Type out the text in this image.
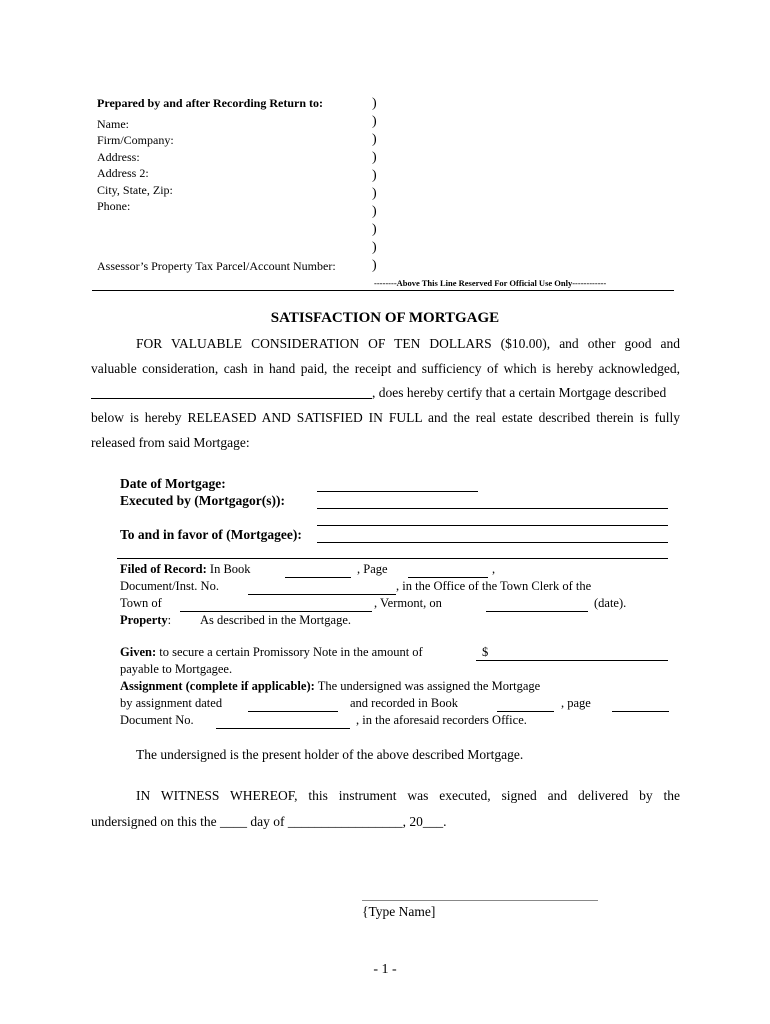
Prepared by and after Recording Return to:
Name:
Firm/Company:
Address:
Address 2:
City, State, Zip:
Phone:
Assessor’s Property Tax Parcel/Account Number:
)
)
)
)
)
)
)
)
)
)
--------Above This Line Reserved For Official Use Only------------
SATISFACTION OF MORTGAGE
FOR VALUABLE CONSIDERATION OF TEN DOLLARS ($10.00), and other good and
valuable consideration, cash in hand paid, the receipt and sufficiency of which is hereby acknowledged,
, does hereby certify that a certain Mortgage described
below is hereby RELEASED AND SATISFIED IN FULL and the real estate described therein is fully
released from said Mortgage:
Date of Mortgage:
Executed by (Mortgagor(s)):
To and in favor of (Mortgagee):
Filed of Record: In Book	, Page	,
Document/Inst. No.	, in the Office of the Town Clerk of the
Town of	, Vermont, on	(date).
Property: As described in the Mortgage.
Given: to secure a certain Promissory Note in the amount of	$
payable to Mortgagee.
Assignment (complete if applicable): The undersigned was assigned the Mortgage
by assignment dated	and recorded in Book	, page
Document No.	, in the aforesaid recorders Office.
The undersigned is the present holder of the above described Mortgage.
IN WITNESS WHEREOF, this instrument was executed, signed and delivered by the
undersigned on this the ____ day of _________________, 20___.
{Type Name]
- 1 -
